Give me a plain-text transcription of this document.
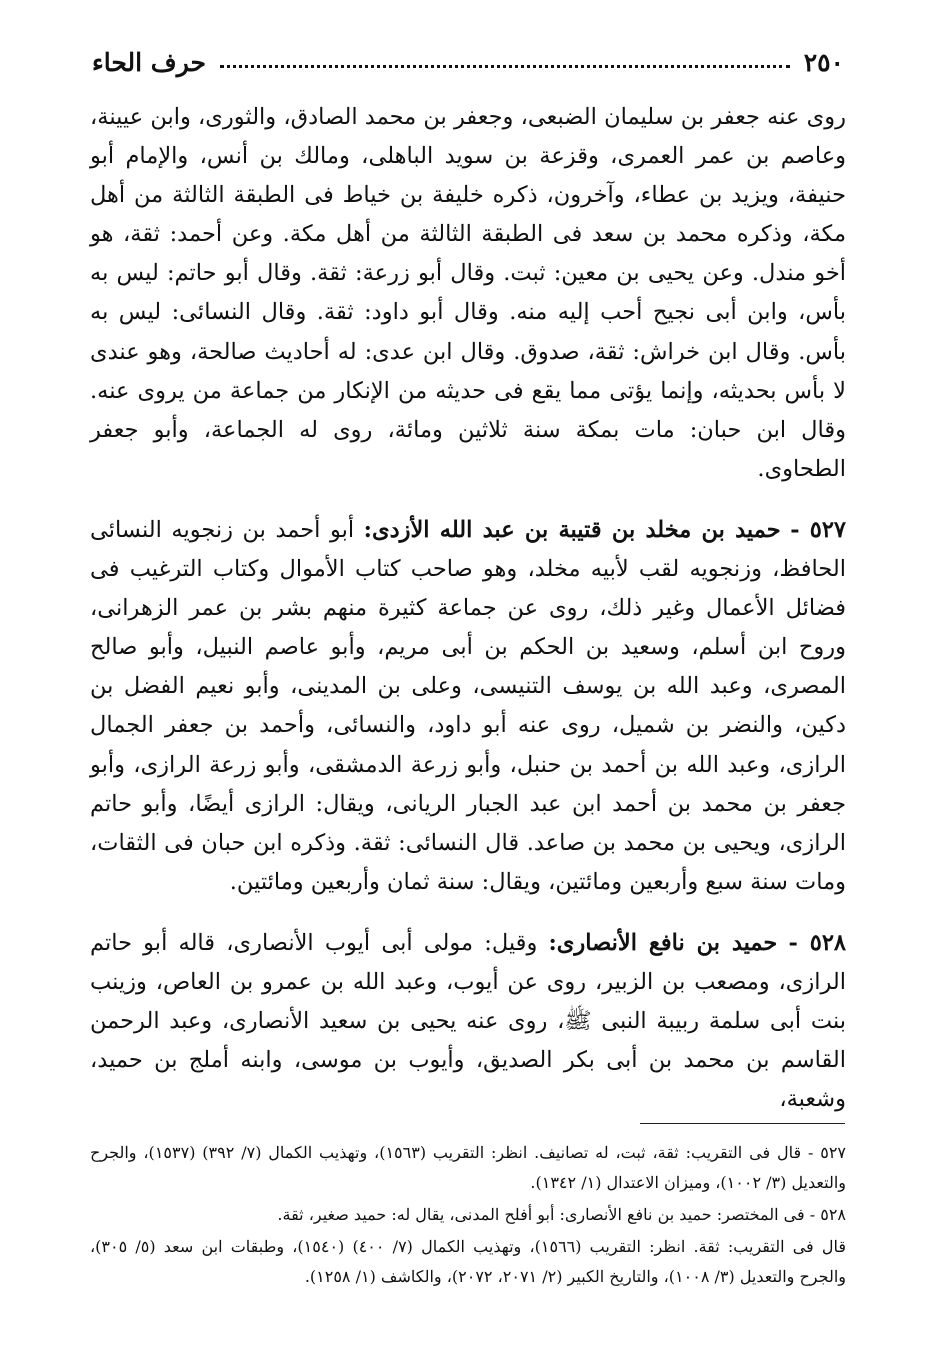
٢٥٠
حرف الحاء

روى عنه جعفر بن سليمان الضبعى، وجعفر بن محمد الصادق، والثورى، وابن عيينة، وعاصم بن عمر العمرى، وقزعة بن سويد الباهلى، ومالك بن أنس، والإمام أبو حنيفة، ويزيد بن عطاء، وآخرون، ذكره خليفة بن خياط فى الطبقة الثالثة من أهل مكة، وذكره محمد بن سعد فى الطبقة الثالثة من أهل مكة. وعن أحمد: ثقة، هو أخو مندل. وعن يحيى بن معين: ثبت. وقال أبو زرعة: ثقة. وقال أبو حاتم: ليس به بأس، وابن أبى نجيح أحب إليه منه. وقال أبو داود: ثقة. وقال النسائى: ليس به بأس. وقال ابن خراش: ثقة، صدوق. وقال ابن عدى: له أحاديث صالحة، وهو عندى لا بأس بحديثه، وإنما يؤتى مما يقع فى حديثه من الإنكار من جماعة من يروى عنه. وقال ابن حبان: مات بمكة سنة ثلاثين ومائة، روى له الجماعة، وأبو جعفر الطحاوى.

٥٢٧ - حميد بن مخلد بن قتيبة بن عبد الله الأزدى: أبو أحمد بن زنجويه النسائى الحافظ، وزنجويه لقب لأبيه مخلد، وهو صاحب كتاب الأموال وكتاب الترغيب فى فضائل الأعمال وغير ذلك، روى عن جماعة كثيرة منهم بشر بن عمر الزهرانى، وروح ابن أسلم، وسعيد بن الحكم بن أبى مريم، وأبو عاصم النبيل، وأبو صالح المصرى، وعبد الله بن يوسف التنيسى، وعلى بن المدينى، وأبو نعيم الفضل بن دكين، والنضر بن شميل، روى عنه أبو داود، والنسائى، وأحمد بن جعفر الجمال الرازى، وعبد الله بن أحمد بن حنبل، وأبو زرعة الدمشقى، وأبو زرعة الرازى، وأبو جعفر بن محمد بن أحمد ابن عبد الجبار الريانى، ويقال: الرازى أيضًا، وأبو حاتم الرازى، ويحيى بن محمد بن صاعد. قال النسائى: ثقة. وذكره ابن حبان فى الثقات، ومات سنة سبع وأربعين ومائتين، ويقال: سنة ثمان وأربعين ومائتين.

٥٢٨ - حميد بن نافع الأنصارى: وقيل: مولى أبى أيوب الأنصارى، قاله أبو حاتم الرازى، ومصعب بن الزبير، روى عن أيوب، وعبد الله بن عمرو بن العاص، وزينب بنت أبى سلمة ربيبة النبى ﷺ، روى عنه يحيى بن سعيد الأنصارى، وعبد الرحمن القاسم بن محمد بن أبى بكر الصديق، وأيوب بن موسى، وابنه أملج بن حميد، وشعبة،

٥٢٧ - قال فى التقريب: ثقة، ثبت، له تصانيف. انظر: التقريب (١٥٦٣)، وتهذيب الكمال (٧/ ٣٩٢) (١٥٣٧)، والجرح والتعديل (٣/ ١٠٠٢)، وميزان الاعتدال (١/ ١٣٤٢).

٥٢٨ - فى المختصر: حميد بن نافع الأنصارى: أبو أفلح المدنى، يقال له: حميد صغير، ثقة.

قال فى التقريب: ثقة. انظر: التقريب (١٥٦٦)، وتهذيب الكمال (٧/ ٤٠٠) (١٥٤٠)، وطبقات ابن سعد (٥/ ٣٠٥)، والجرح والتعديل (٣/ ١٠٠٨)، والتاريخ الكبير (٢/ ٢٠٧١، ٢٠٧٢)، والكاشف (١/ ١٢٥٨).
